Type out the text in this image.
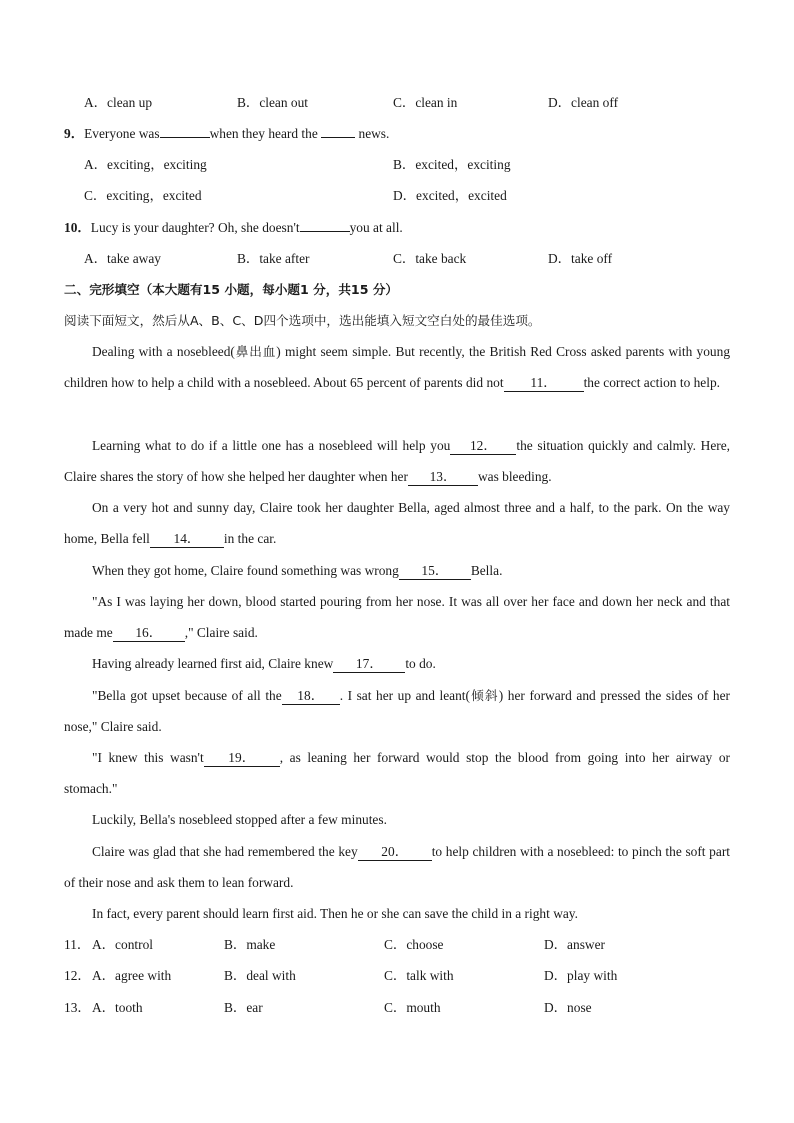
A．clean up	B．clean out	C．clean in	D．clean off
9．Everyone was	when they heard the	news.
A．exciting，exciting	B．excited，exciting
C．exciting，excited	D．excited，excited
10．Lucy is your daughter? Oh, she doesn't	you at all.
A．take away	B．take after	C．take back	D．take off
二、完形填空（本大题有15 小题，每小题1 分，共15 分）
阅读下面短文，然后从A、B、C、D四个选项中，选出能填入短文空白处的最佳选项。
Dealing with a nosebleed(鼻出血) might seem simple. But recently, the British Red Cross asked parents with young children how to help a child with a nosebleed. About 65 percent of parents did not 11． the correct action to help.
Learning what to do if a little one has a nosebleed will help you 12． the situation quickly and calmly. Here, Claire shares the story of how she helped her daughter when her 13． was bleeding.
On a very hot and sunny day, Claire took her daughter Bella, aged almost three and a half, to the park. On the way home, Bella fell 14． in the car.
When they got home, Claire found something was wrong 15． Bella.
"As I was laying her down, blood started pouring from her nose. It was all over her face and down her neck and that made me 16． ," Claire said.
Having already learned first aid, Claire knew 17． to do.
"Bella got upset because of all the 18． . I sat her up and leant(倾斜) her forward and pressed the sides of her nose," Claire said.
"I knew this wasn't 19． , as leaning her forward would stop the blood from going into her airway or stomach."
Luckily, Bella's nosebleed stopped after a few minutes.
Claire was glad that she had remembered the key 20． to help children with a nosebleed: to pinch the soft part of their nose and ask them to lean forward.
In fact, every parent should learn first aid. Then he or she can save the child in a right way.
11． A．control	B．make	C．choose	D．answer
12． A．agree with	B．deal with	C．talk with	D．play with
13． A．tooth	B．ear	C．mouth	D．nose
